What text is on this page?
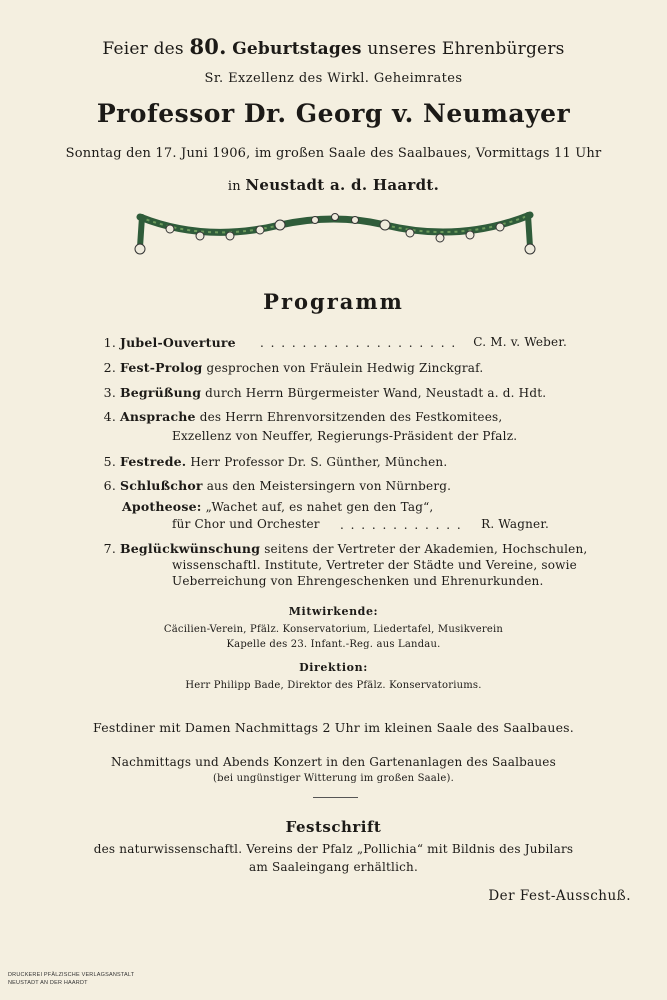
Feier des 80. Geburtstages unseres Ehrenbürgers
Sr. Exzellenz des Wirkl. Geheimrates
Professor Dr. Georg v. Neumayer
Sonntag den 17. Juni 1906, im großen Saale des Saalbaues, Vormittags 11 Uhr
in Neustadt a. d. Haardt.
Programm
1. Jubel-Ouverture . . . . . . . . . . . . . . . . . . . C. M. v. Weber.
2. Fest-Prolog gesprochen von Fräulein Hedwig Zinckgraf.
3. Begrüßung durch Herrn Bürgermeister Wand, Neustadt a. d. Hdt.
4. Ansprache des Herrn Ehrenvorsitzenden des Festkomitees,
Exzellenz von Neuffer, Regierungs-Präsident der Pfalz.
5. Festrede. Herr Professor Dr. S. Günther, München.
6. Schlußchor aus den Meistersingern von Nürnberg.
Apotheose: „Wachet auf, es nahet gen den Tag“,
für Chor und Orchester . . . . . . . . . . . . R. Wagner.
7. Beglückwünschung seitens der Vertreter der Akademien, Hochschulen,
wissenschaftl. Institute, Vertreter der Städte und Vereine, sowie
Ueberreichung von Ehrengeschenken und Ehrenurkunden.
Mitwirkende:
Cäcilien-Verein, Pfälz. Konservatorium, Liedertafel, Musikverein
Kapelle des 23. Infant.-Reg. aus Landau.
Direktion:
Herr Philipp Bade, Direktor des Pfälz. Konservatoriums.
Festdiner mit Damen Nachmittags 2 Uhr im kleinen Saale des Saalbaues.
Nachmittags und Abends Konzert in den Gartenanlagen des Saalbaues
(bei ungünstiger Witterung im großen Saale).
Festschrift
des naturwissenschaftl. Vereins der Pfalz „Pollichia“ mit Bildnis des Jubilars
am Saaleingang erhältlich.
Der Fest-Ausschuß.
DRUCKEREI PFÄLZISCHE VERLAGSANSTALT
NEUSTADT AN DER HAARDT
